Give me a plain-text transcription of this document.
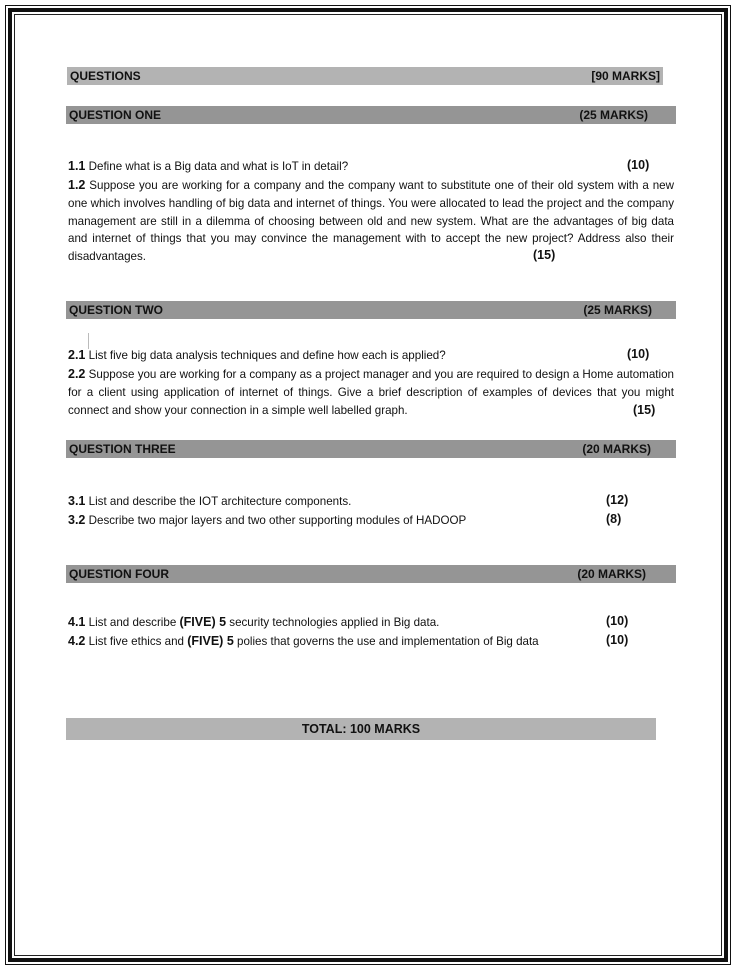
QUESTIONS	[90 MARKS]
QUESTION ONE	(25 MARKS)
1.1 Define what is a Big data and what is IoT in detail?	(10)
1.2 Suppose you are working for a company and the company want to substitute one of their old system with a new one which involves handling of big data and internet of things. You were allocated to lead the project and the company management are still in a dilemma of choosing between old and new system. What are the advantages of big data and internet of things that you may convince the management with to accept the new project? Address also their disadvantages.	(15)
QUESTION TWO	(25 MARKS)
2.1 List five big data analysis techniques and define how each is applied?	(10)
2.2 Suppose you are working for a company as a project manager and you are required to design a Home automation for a client using application of internet of things. Give a brief description of examples of devices that you might connect and show your connection in a simple well labelled graph.	(15)
QUESTION THREE	(20 MARKS)
3.1 List and describe the IOT architecture components.	(12)
3.2 Describe two major layers and two other supporting modules of HADOOP	(8)
QUESTION FOUR	(20 MARKS)
4.1 List and describe (FIVE) 5 security technologies applied in Big data.	(10)
4.2 List five ethics and (FIVE) 5 polies that governs the use and implementation of Big data	(10)
TOTAL: 100 MARKS
